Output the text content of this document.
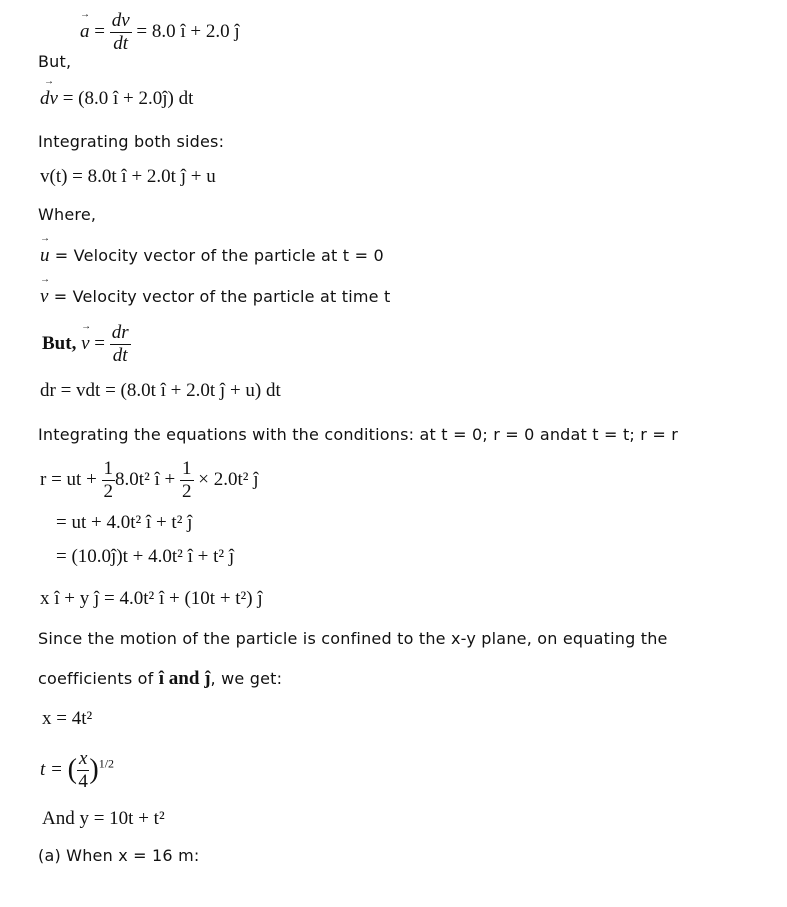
→ $a = \frac{dv}{dt} = 8.0$ î + 2.0 ĵ
But,
→ dv = (8.0 î + 2.0ĵ) dt
Integrating both sides:
v(t) = 8.0t î + 2.0t ĵ + u
Where,
→ u = Velocity vector of the particle at t = 0
→ v = Velocity vector of the particle at time t
But, → $v = \frac{dr}{dt}$
dr = vdt = (8.0t î + 2.0t ĵ + u) dt
Integrating the equations with the conditions: at t = 0; r = 0 andat t = t; r = r
r = ut + $\frac{1}{2} 8.0t^2$ î + $\frac{1}{2} \times 2.0t^2$ ĵ
= ut + 4.0t² î + t² ĵ
= (10.0ĵ)t + 4.0t² î + t² ĵ
x î + y ĵ = 4.0t² î + (10t + t²) ĵ
Since the motion of the particle is confined to the x-y plane, on equating the
coefficients of î and ĵ, we get:
x = 4t²
t = ( $\frac{x}{4} )^{1/2}$
And y = 10t + t²
(a) When x = 16 m:
